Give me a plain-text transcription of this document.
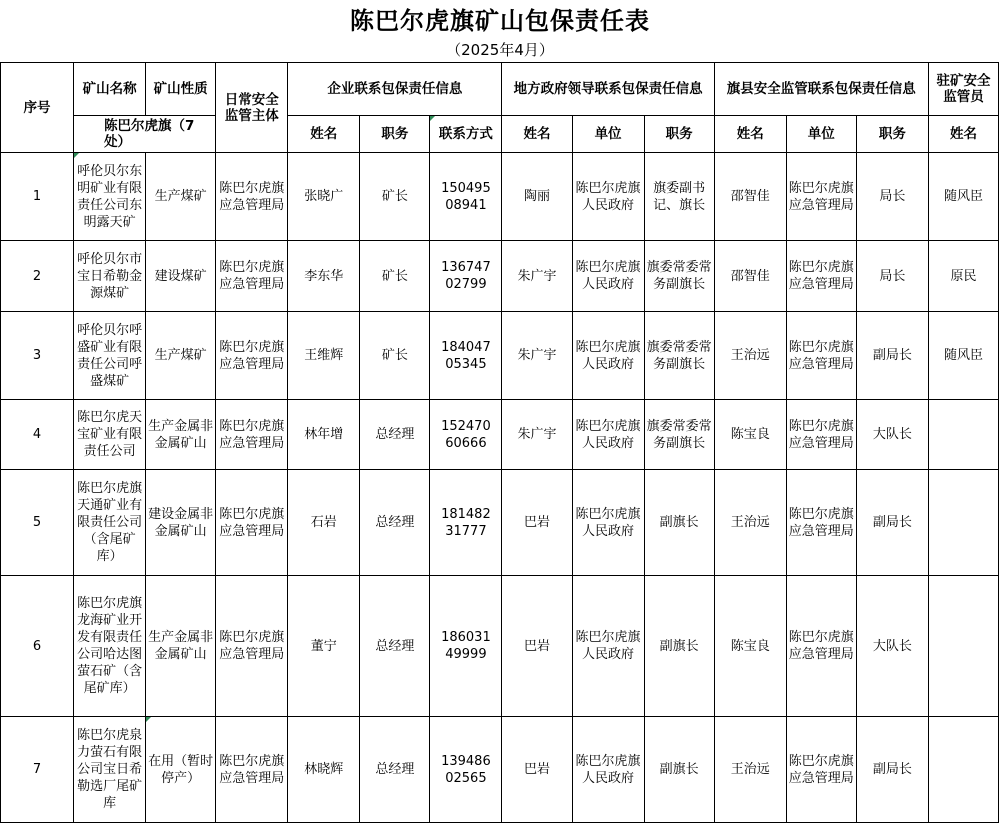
陈巴尔虎旗矿山包保责任表
（2025年4月）
序号	矿山名称	矿山性质	日常安全监管主体	企业联系包保责任信息			地方政府领导联系包保责任信息			旗县安全监管联系包保责任信息			驻矿安全监管员
	陈巴尔虎旗（7处）			姓名	职务	联系方式	姓名	单位	职务	姓名	单位	职务	姓名
1	呼伦贝尔东明矿业有限责任公司东明露天矿	生产煤矿	陈巴尔虎旗应急管理局	张晓广	矿长	15049508941	陶丽	陈巴尔虎旗人民政府	旗委副书记、旗长	邵智佳	陈巴尔虎旗应急管理局	局长	随风臣
2	呼伦贝尔市宝日希勒金源煤矿	建设煤矿	陈巴尔虎旗应急管理局	李东华	矿长	13674702799	朱广宇	陈巴尔虎旗人民政府	旗委常委常务副旗长	邵智佳	陈巴尔虎旗应急管理局	局长	原民
3	呼伦贝尔呼盛矿业有限责任公司呼盛煤矿	生产煤矿	陈巴尔虎旗应急管理局	王维辉	矿长	18404705345	朱广宇	陈巴尔虎旗人民政府	旗委常委常务副旗长	王治远	陈巴尔虎旗应急管理局	副局长	随风臣
4	陈巴尔虎天宝矿业有限责任公司	生产金属非金属矿山	陈巴尔虎旗应急管理局	林年增	总经理	15247060666	朱广宇	陈巴尔虎旗人民政府	旗委常委常务副旗长	陈宝良	陈巴尔虎旗应急管理局	大队长	
5	陈巴尔虎旗天通矿业有限责任公司（含尾矿库）	建设金属非金属矿山	陈巴尔虎旗应急管理局	石岩	总经理	18148231777	巴岩	陈巴尔虎旗人民政府	副旗长	王治远	陈巴尔虎旗应急管理局	副局长	
6	陈巴尔虎旗龙海矿业开发有限责任公司哈达图萤石矿（含尾矿库）	生产金属非金属矿山	陈巴尔虎旗应急管理局	董宁	总经理	18603149999	巴岩	陈巴尔虎旗人民政府	副旗长	陈宝良	陈巴尔虎旗应急管理局	大队长	
7	陈巴尔虎泉力萤石有限公司宝日希勒选厂尾矿库	在用（暂时停产）	陈巴尔虎旗应急管理局	林晓辉	总经理	13948602565	巴岩	陈巴尔虎旗人民政府	副旗长	王治远	陈巴尔虎旗应急管理局	副局长	
